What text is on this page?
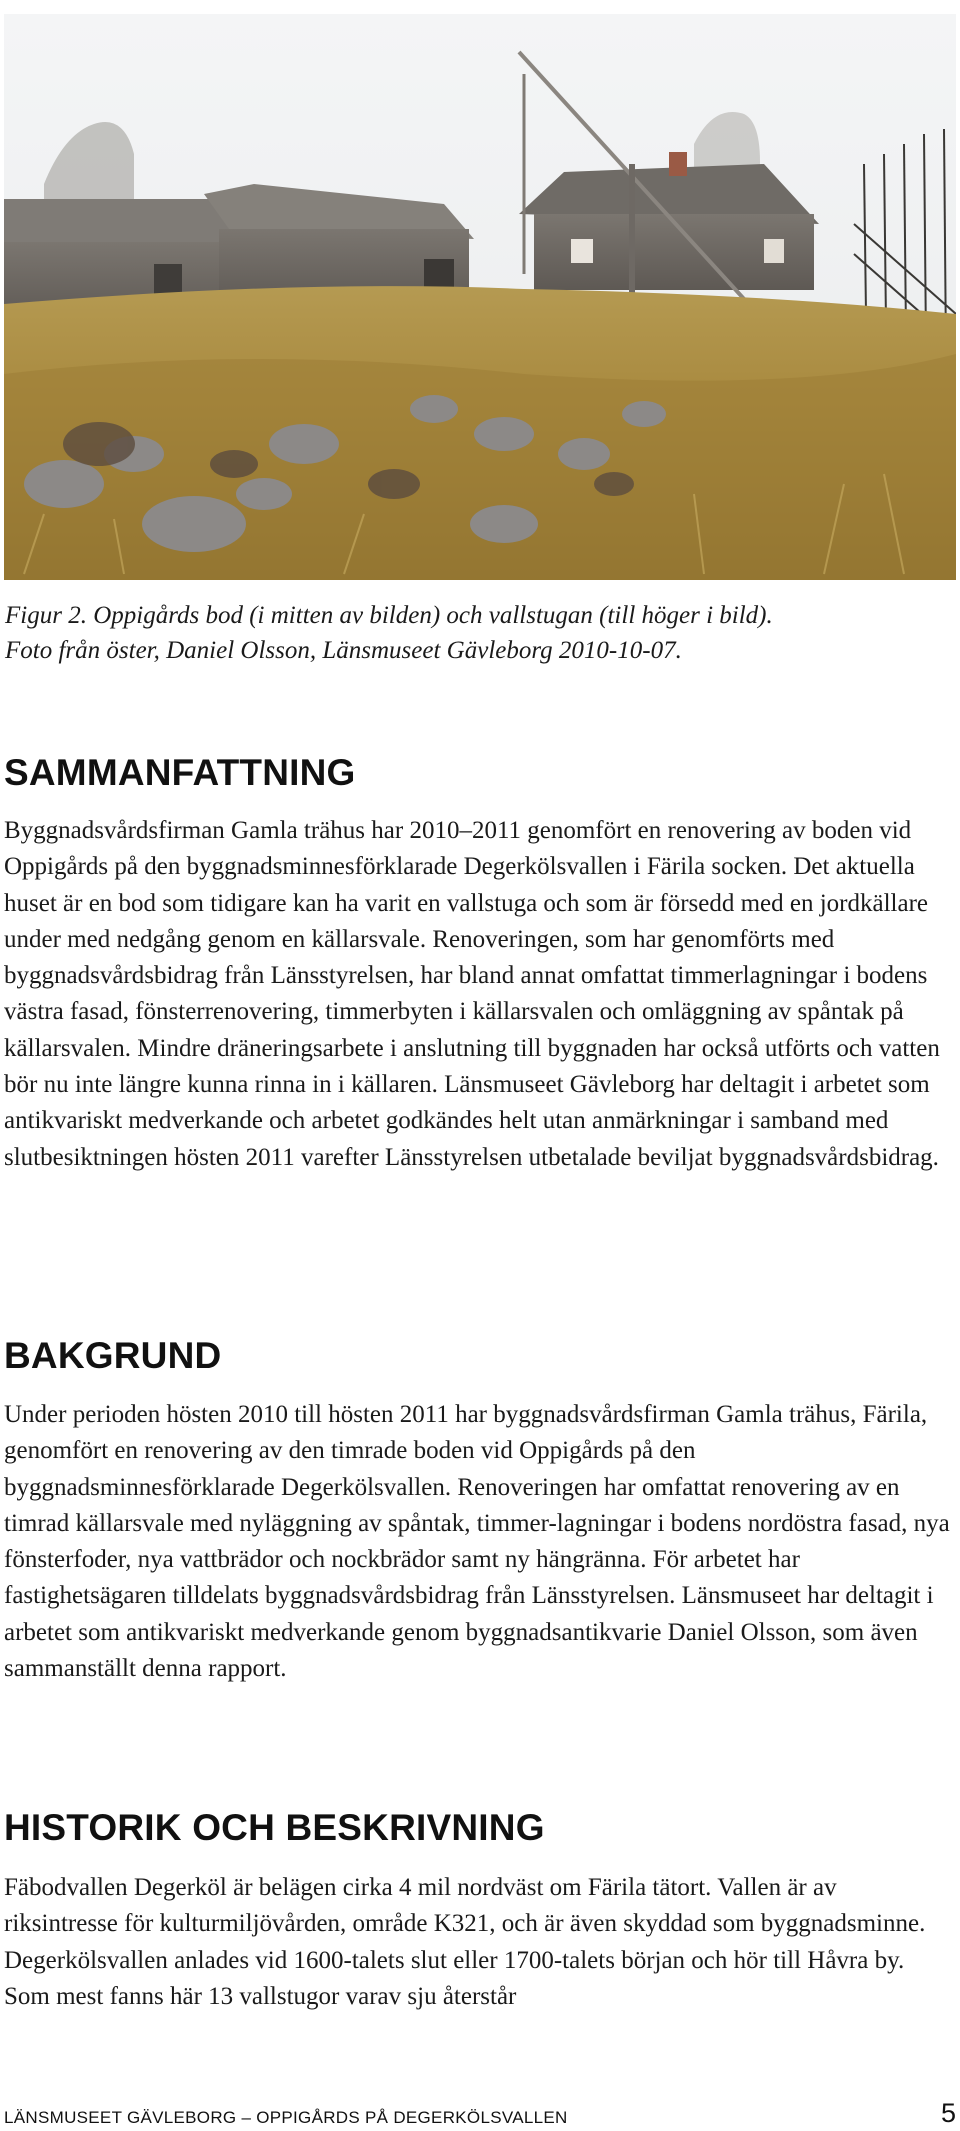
Figur 2. Oppigårds bod (i mitten av bilden) och vallstugan (till höger i bild).

Foto från öster, Daniel Olsson, Länsmuseet Gävleborg 2010-10-07.

SAMMANFATTNING

Byggnadsvårdsfirman Gamla trähus har 2010–2011 genomfört en renovering av boden vid Oppigårds på den byggnadsminnesförklarade Degerkölsvallen i Färila socken. Det aktuella huset är en bod som tidigare kan ha varit en vallstuga och som är försedd med en jordkällare under med nedgång genom en källarsvale. Renoveringen, som har genomförts med byggnadsvårdsbidrag från Länsstyrelsen, har bland annat omfattat timmerlagningar i bodens västra fasad, fönsterrenovering, timmerbyten i källarsvalen och omläggning av spåntak på källarsvalen. Mindre dräneringsarbete i anslutning till byggnaden har också utförts och vatten bör nu inte längre kunna rinna in i källaren. Länsmuseet Gävleborg har deltagit i arbetet som antikvariskt medverkande och arbetet godkändes helt utan anmärkningar i samband med slutbesiktningen hösten 2011 varefter Länsstyrelsen utbetalade beviljat byggnadsvårdsbidrag.

BAKGRUND

Under perioden hösten 2010 till hösten 2011 har byggnadsvårdsfirman Gamla trähus, Färila, genomfört en renovering av den timrade boden vid Oppigårds på den byggnadsminnesförklarade Degerkölsvallen. Renoveringen har omfattat renovering av en timrad källarsvale med nyläggning av spåntak, timmer-lagningar i bodens nordöstra fasad, nya fönsterfoder, nya vattbrädor och nockbrädor samt ny hängränna. För arbetet har fastighetsägaren tilldelats byggnadsvårdsbidrag från Länsstyrelsen. Länsmuseet har deltagit i arbetet som antikvariskt medverkande genom byggnadsantikvarie Daniel Olsson, som även sammanställt denna rapport.

HISTORIK OCH BESKRIVNING

Fäbodvallen Degerköl är belägen cirka 4 mil nordväst om Färila tätort. Vallen är av riksintresse för kulturmiljövården, område K321, och är även skyddad som byggnadsminne. Degerkölsvallen anlades vid 1600-talets slut eller 1700-talets början och hör till Håvra by. Som mest fanns här 13 vallstugor varav sju återstår

LÄNSMUSEET GÄVLEBORG – OPPIGÅRDS PÅ DEGERKÖLSVALLEN	5
